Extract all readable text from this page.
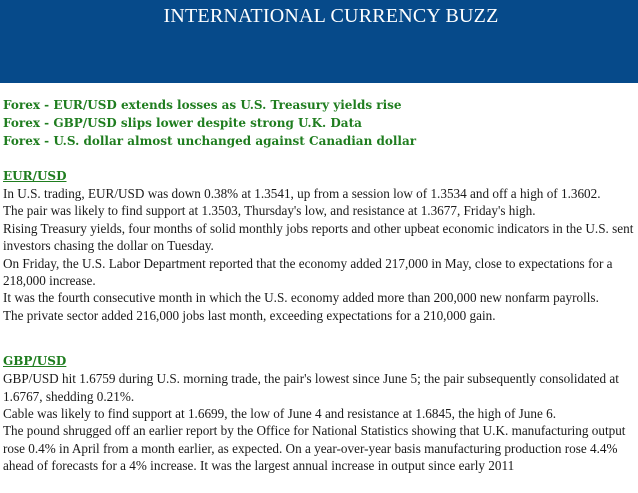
INTERNATIONAL CURRENCY BUZZ
Forex - EUR/USD extends losses as U.S. Treasury yields rise
Forex - GBP/USD slips lower despite strong U.K. Data
Forex - U.S. dollar almost unchanged against Canadian dollar
EUR/USD
In U.S. trading, EUR/USD was down 0.38% at 1.3541, up from a session low of 1.3534 and off a high of 1.3602.
The pair was likely to find support at 1.3503, Thursday's low, and resistance at 1.3677, Friday's high.
Rising Treasury yields, four months of solid monthly jobs reports and other upbeat economic indicators in the U.S. sent investors chasing the dollar on Tuesday.
On Friday, the U.S. Labor Department reported that the economy added 217,000 in May, close to expectations for a 218,000 increase.
It was the fourth consecutive month in which the U.S. economy added more than 200,000 new nonfarm payrolls.
The private sector added 216,000 jobs last month, exceeding expectations for a 210,000 gain.
GBP/USD
GBP/USD hit 1.6759 during U.S. morning trade, the pair's lowest since June 5; the pair subsequently consolidated at 1.6767, shedding 0.21%.
Cable was likely to find support at 1.6699, the low of June 4 and resistance at 1.6845, the high of June 6.
The pound shrugged off an earlier report by the Office for National Statistics showing that U.K. manufacturing output rose 0.4% in April from a month earlier, as expected. On a year-over-year basis manufacturing production rose 4.4% ahead of forecasts for a 4% increase. It was the largest annual increase in output since early 2011
